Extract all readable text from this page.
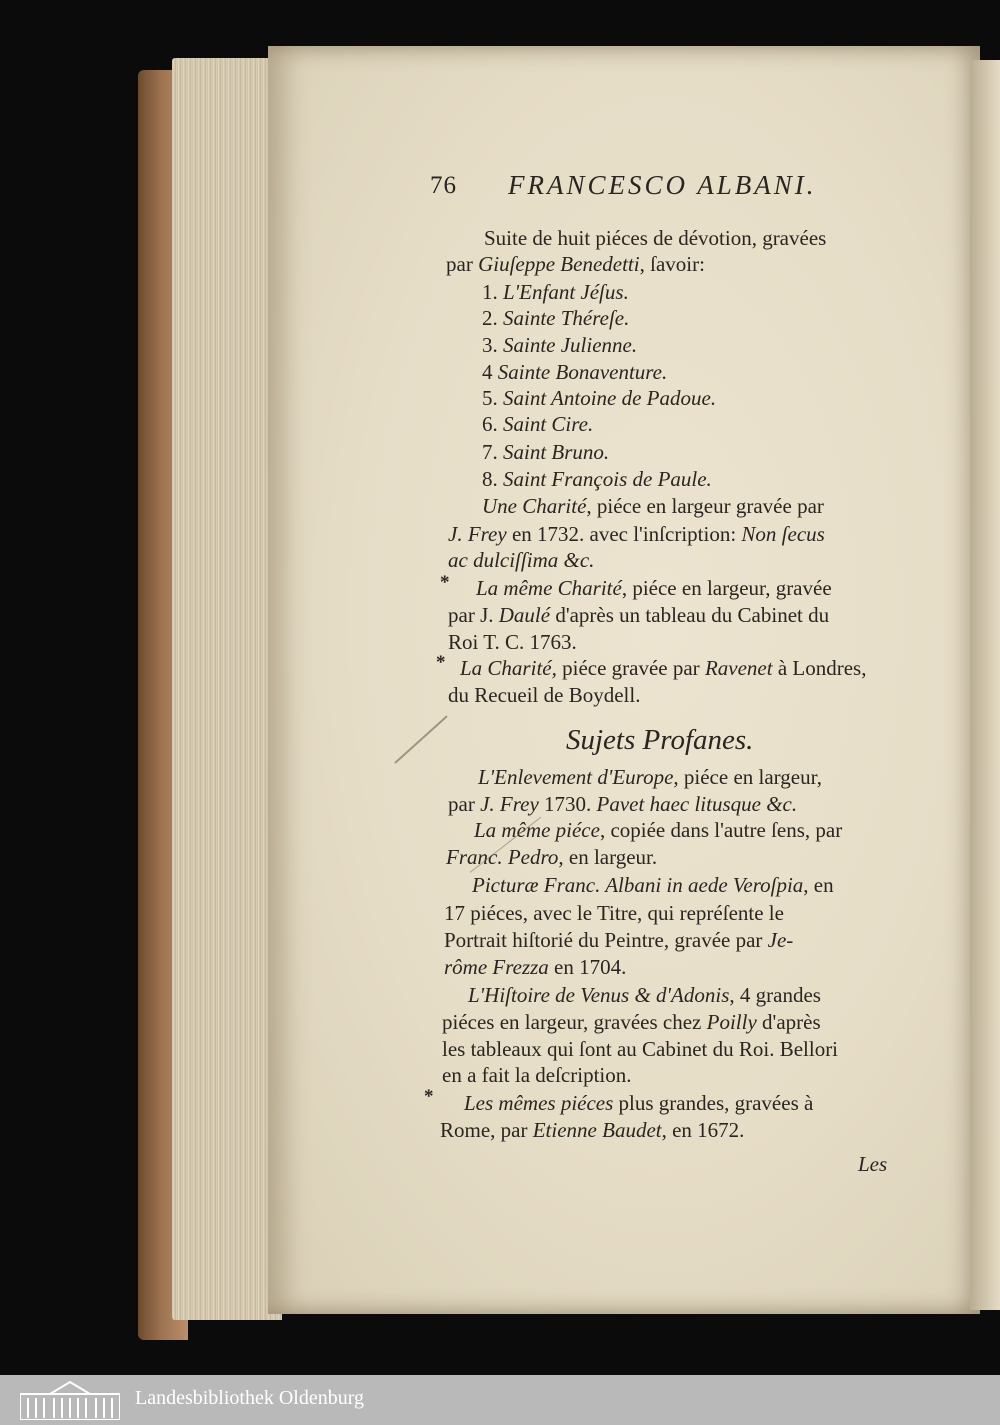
76 FRANCESCO ALBANI.
Suite de huit piéces de dévotion, gravées
par Giuſeppe Benedetti, ſavoir:
1. L'Enfant Jéſus.
2. Sainte Théreſe.
3. Sainte Julienne.
4 Sainte Bonaventure.
5. Saint Antoine de Padoue.
6. Saint Cire.
7. Saint Bruno.
8. Saint François de Paule.
Une Charité, piéce en largeur gravée par
J. Frey en 1732. avec l'inſcription: Non ſecus
ac dulciſſima &c.
* La même Charité, piéce en largeur, gravée
par J. Daulé d'après un tableau du Cabinet du
Roi T. C. 1763.
* La Charité, piéce gravée par Ravenet à Londres,
du Recueil de Boydell.
Sujets Profanes.
L'Enlevement d'Europe, piéce en largeur,
par J. Frey 1730. Pavet haec litusque &c.
La même piéce, copiée dans l'autre ſens, par
Franc. Pedro, en largeur.
Picturæ Franc. Albani in aede Veroſpia, en
17 piéces, avec le Titre, qui repréſente le
Portrait hiſtorié du Peintre, gravée par Je-
rôme Frezza en 1704.
L'Hiſtoire de Venus & d'Adonis, 4 grandes
piéces en largeur, gravées chez Poilly d'après
les tableaux qui ſont au Cabinet du Roi. Bellori
en a fait la deſcription.
* Les mêmes piéces plus grandes, gravées à
Rome, par Etienne Baudet, en 1672.
Les
Landesbibliothek Oldenburg
